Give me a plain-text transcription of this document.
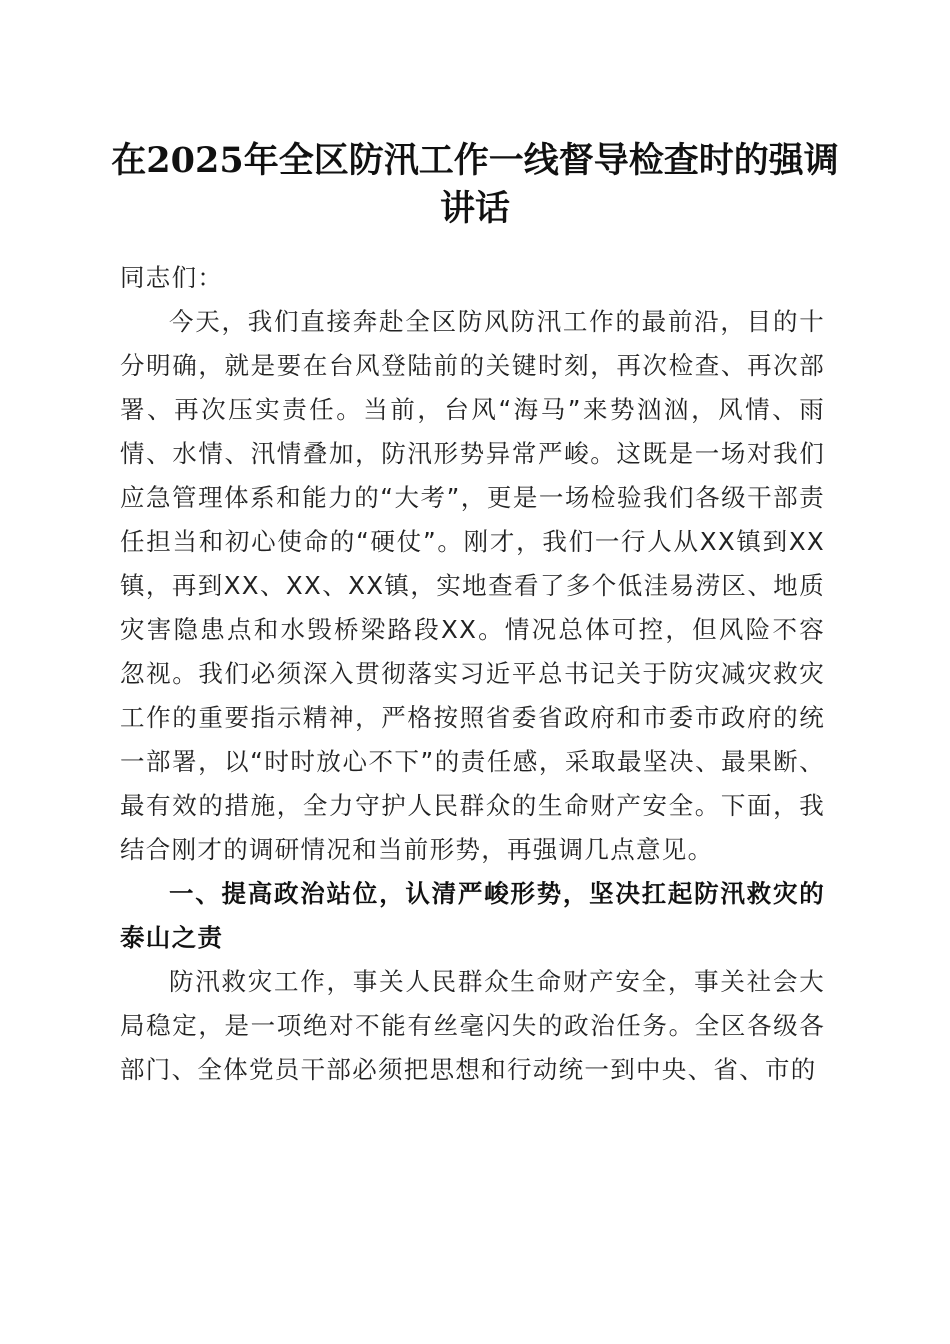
在2025年全区防汛工作一线督导检查时的强调讲话

同志们：

今天，我们直接奔赴全区防风防汛工作的最前沿，目的十分明确，就是要在台风登陆前的关键时刻，再次检查、再次部署、再次压实责任。当前，台风“海马”来势汹汹，风情、雨情、水情、汛情叠加，防汛形势异常严峻。这既是一场对我们应急管理体系和能力的“大考”，更是一场检验我们各级干部责任担当和初心使命的“硬仗”。刚才，我们一行人从XX镇到XX镇，再到XX、XX、XX镇，实地查看了多个低洼易涝区、地质灾害隐患点和水毁桥梁路段XX。情况总体可控，但风险不容忽视。我们必须深入贯彻落实习近平总书记关于防灾减灾救灾工作的重要指示精神，严格按照省委省政府和市委市政府的统一部署，以“时时放心不下”的责任感，采取最坚决、最果断、最有效的措施，全力守护人民群众的生命财产安全。下面，我结合刚才的调研情况和当前形势，再强调几点意见。

一、提高政治站位，认清严峻形势，坚决扛起防汛救灾的泰山之责

防汛救灾工作，事关人民群众生命财产安全，事关社会大局稳定，是一项绝对不能有丝毫闪失的政治任务。全区各级各部门、全体党员干部必须把思想和行动统一到中央、省、市的
